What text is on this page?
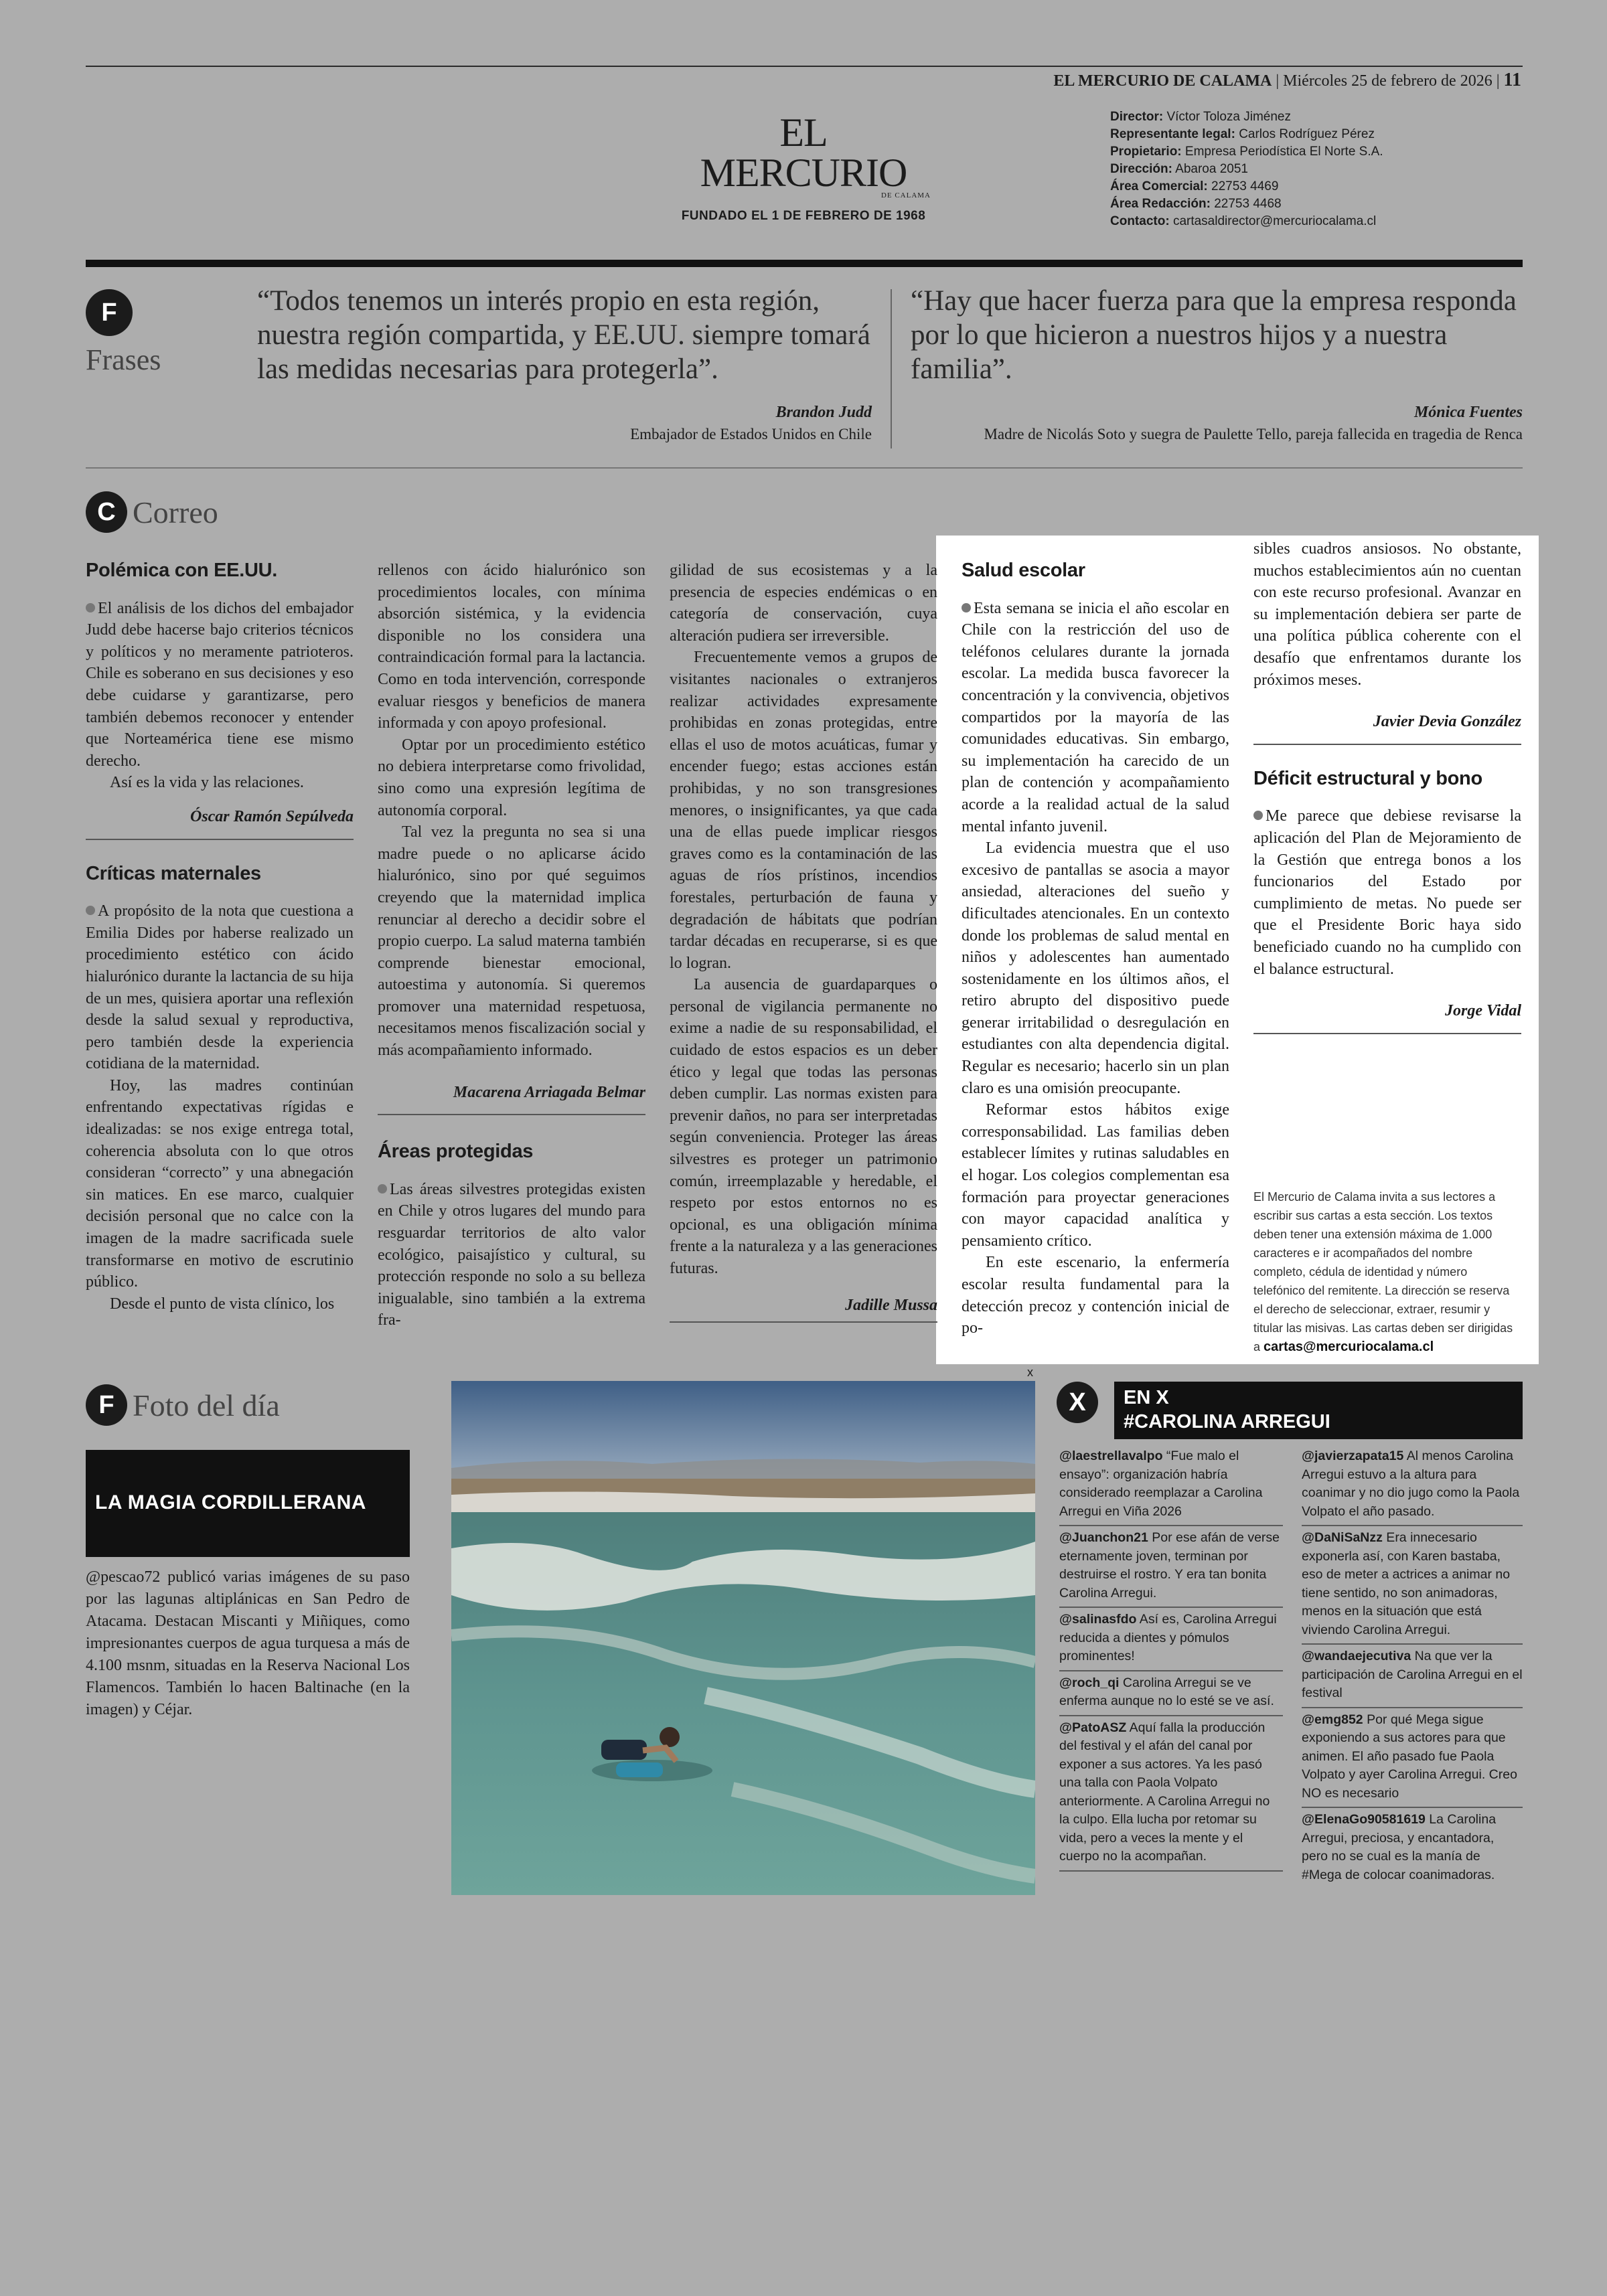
EL MERCURIO DE CALAMA | Miércoles 25 de febrero de 2026 | 11
EL MERCURIO
DE CALAMA
FUNDADO EL 1 DE FEBRERO DE 1968
Director: Víctor Toloza Jiménez
Representante legal: Carlos Rodríguez Pérez
Propietario: Empresa Periodística El Norte S.A.
Dirección: Abaroa 2051
Área Comercial: 22753 4469
Área Redacción: 22753 4468
Contacto: cartasaldirector@mercuriocalama.cl
F
Frases
“Todos tenemos un interés propio en esta región, nuestra región compartida, y EE.UU. siempre tomará las medidas necesarias para protegerla”.
Brandon Judd
Embajador de Estados Unidos en Chile
“Hay que hacer fuerza para que la empresa responda por lo que hicieron a nuestros hijos y a nuestra familia”.
Mónica Fuentes
Madre de Nicolás Soto y suegra de Paulette Tello, pareja fallecida en tragedia de Renca
C Correo
Polémica con EE.UU.

El análisis de los dichos del embajador Judd debe hacerse bajo criterios técnicos y políticos y no meramente patrioteros. Chile es soberano en sus decisiones y eso debe cuidarse y garantizarse, pero también debemos reconocer y entender que Norteamérica tiene ese mismo derecho.

Así es la vida y las relaciones.

Óscar Ramón Sepúlveda
Críticas maternales

A propósito de la nota que cuestiona a Emilia Dides por haberse realizado un procedimiento estético con ácido hialurónico durante la lactancia de su hija de un mes, quisiera aportar una reflexión desde la salud sexual y reproductiva, pero también desde la experiencia cotidiana de la maternidad.

Hoy, las madres continúan enfrentando expectativas rígidas e idealizadas: se nos exige entrega total, coherencia absoluta con lo que otros consideran “correcto” y una abnegación sin matices. En ese marco, cualquier decisión personal que no calce con la imagen de la madre sacrificada suele transformarse en motivo de escrutinio público.

Desde el punto de vista clínico, los

rellenos con ácido hialurónico son procedimientos locales, con mínima absorción sistémica, y la evidencia disponible no los considera una contraindicación formal para la lactancia. Como en toda intervención, corresponde evaluar riesgos y beneficios de manera informada y con apoyo profesional.

Optar por un procedimiento estético no debiera interpretarse como frivolidad, sino como una expresión legítima de autonomía corporal.

Tal vez la pregunta no sea si una madre puede o no aplicarse ácido hialurónico, sino por qué seguimos creyendo que la maternidad implica renunciar al derecho a decidir sobre el propio cuerpo. La salud materna también comprende bienestar emocional, autoestima y autonomía. Si queremos promover una maternidad respetuosa, necesitamos menos fiscalización social y más acompañamiento informado.

Macarena Arriagada Belmar
Áreas protegidas

Las áreas silvestres protegidas existen en Chile y otros lugares del mundo para resguardar territorios de alto valor ecológico, paisajístico y cultural, su protección responde no solo a su belleza inigualable, sino también a la extrema fra-

gilidad de sus ecosistemas y a la presencia de especies endémicas o en categoría de conservación, cuya alteración pudiera ser irreversible.

Frecuentemente vemos a grupos de visitantes nacionales o extranjeros realizar actividades expresamente prohibidas en zonas protegidas, entre ellas el uso de motos acuáticas, fumar y encender fuego; estas acciones están prohibidas, y no son transgresiones menores, o insignificantes, ya que cada una de ellas puede implicar riesgos graves como es la contaminación de las aguas de ríos prístinos, incendios forestales, perturbación de fauna y degradación de hábitats que podrían tardar décadas en recuperarse, si es que lo logran.

La ausencia de guardaparques o personal de vigilancia permanente no exime a nadie de su responsabilidad, el cuidado de estos espacios es un deber ético y legal que todas las personas deben cumplir. Las normas existen para prevenir daños, no para ser interpretadas según conveniencia. Proteger las áreas silvestres es proteger un patrimonio común, irreemplazable y heredable, el respeto por estos entornos no es opcional, es una obligación mínima frente a la naturaleza y a las generaciones futuras.

Jadille Mussa
Salud escolar

Esta semana se inicia el año escolar en Chile con la restricción del uso de teléfonos celulares durante la jornada escolar. La medida busca favorecer la concentración y la convivencia, objetivos compartidos por la mayoría de las comunidades educativas. Sin embargo, su implementación ha carecido de un plan de contención y acompañamiento acorde a la realidad actual de la salud mental infanto juvenil.

La evidencia muestra que el uso excesivo de pantallas se asocia a mayor ansiedad, alteraciones del sueño y dificultades atencionales. En un contexto donde los problemas de salud mental en niños y adolescentes han aumentado sostenidamente en los últimos años, el retiro abrupto del dispositivo puede generar irritabilidad o desregulación en estudiantes con alta dependencia digital. Regular es necesario; hacerlo sin un plan claro es una omisión preocupante.

Reformar estos hábitos exige corresponsabilidad. Las familias deben establecer límites y rutinas saludables en el hogar. Los colegios complementan esa formación para proyectar generaciones con mayor capacidad analítica y pensamiento crítico.

En este escenario, la enfermería escolar resulta fundamental para la detección precoz y contención inicial de po-

sibles cuadros ansiosos. No obstante, muchos establecimientos aún no cuentan con este recurso profesional. Avanzar en su implementación debiera ser parte de una política pública coherente con el desafío que enfrentamos durante los próximos meses.

Javier Devia González
Déficit estructural y bono

Me parece que debiese revisarse la aplicación del Plan de Mejoramiento de la Gestión que entrega bonos a los funcionarios del Estado por cumplimiento de metas. No puede ser que el Presidente Boric haya sido beneficiado cuando no ha cumplido con el balance estructural.

Jorge Vidal
El Mercurio de Calama invita a sus lectores a escribir sus cartas a esta sección. Los textos deben tener una extensión máxima de 1.000 caracteres e ir acompañados del nombre completo, cédula de identidad y número telefónico del remitente. La dirección se reserva el derecho de seleccionar, extraer, resumir y titular las misivas. Las cartas deben ser dirigidas a cartas@mercuriocalama.cl
F Foto del día
LA MAGIA CORDILLERANA
@pescao72 publicó varias imágenes de su paso por las lagunas altiplánicas en San Pedro de Atacama. Destacan Miscanti y Miñiques, como impresionantes cuerpos de agua turquesa a más de 4.100 msnm, situadas en la Reserva Nacional Los Flamencos. También lo hacen Baltinache (en la imagen) y Céjar.
x
X	EN X
#CAROLINA ARREGUI
@laestrellavalpo “Fue malo el ensayo”: organización habría considerado reemplazar a Carolina Arregui en Viña 2026
@Juanchon21 Por ese afán de verse eternamente joven, terminan por destruirse el rostro. Y era tan bonita Carolina Arregui.
@salinasfdo Así es, Carolina Arregui reducida a dientes y pómulos prominentes!
@roch_qi Carolina Arregui se ve enferma aunque no lo esté se ve así.
@PatoASZ Aquí falla la producción del festival y el afán del canal por exponer a sus actores. Ya les pasó una talla con Paola Volpato anteriormente. A Carolina Arregui no la culpo. Ella lucha por retomar su vida, pero a veces la mente y el cuerpo no la acompañan.
@javierzapata15 Al menos Carolina Arregui estuvo a la altura para coanimar y no dio jugo como la Paola Volpato el año pasado.
@DaNiSaNzz Era innecesario exponerla así, con Karen bastaba, eso de meter a actrices a animar no tiene sentido, no son animadoras, menos en la situación que está viviendo Carolina Arregui.
@wandaejecutiva Na que ver la participación de Carolina Arregui en el festival
@emg852 Por qué Mega sigue exponiendo a sus actores para que animen. El año pasado fue Paola Volpato y ayer Carolina Arregui. Creo NO es necesario
@ElenaGo90581619 La Carolina Arregui, preciosa, y encantadora, pero no se cual es la manía de #Mega de colocar coanimadoras.
